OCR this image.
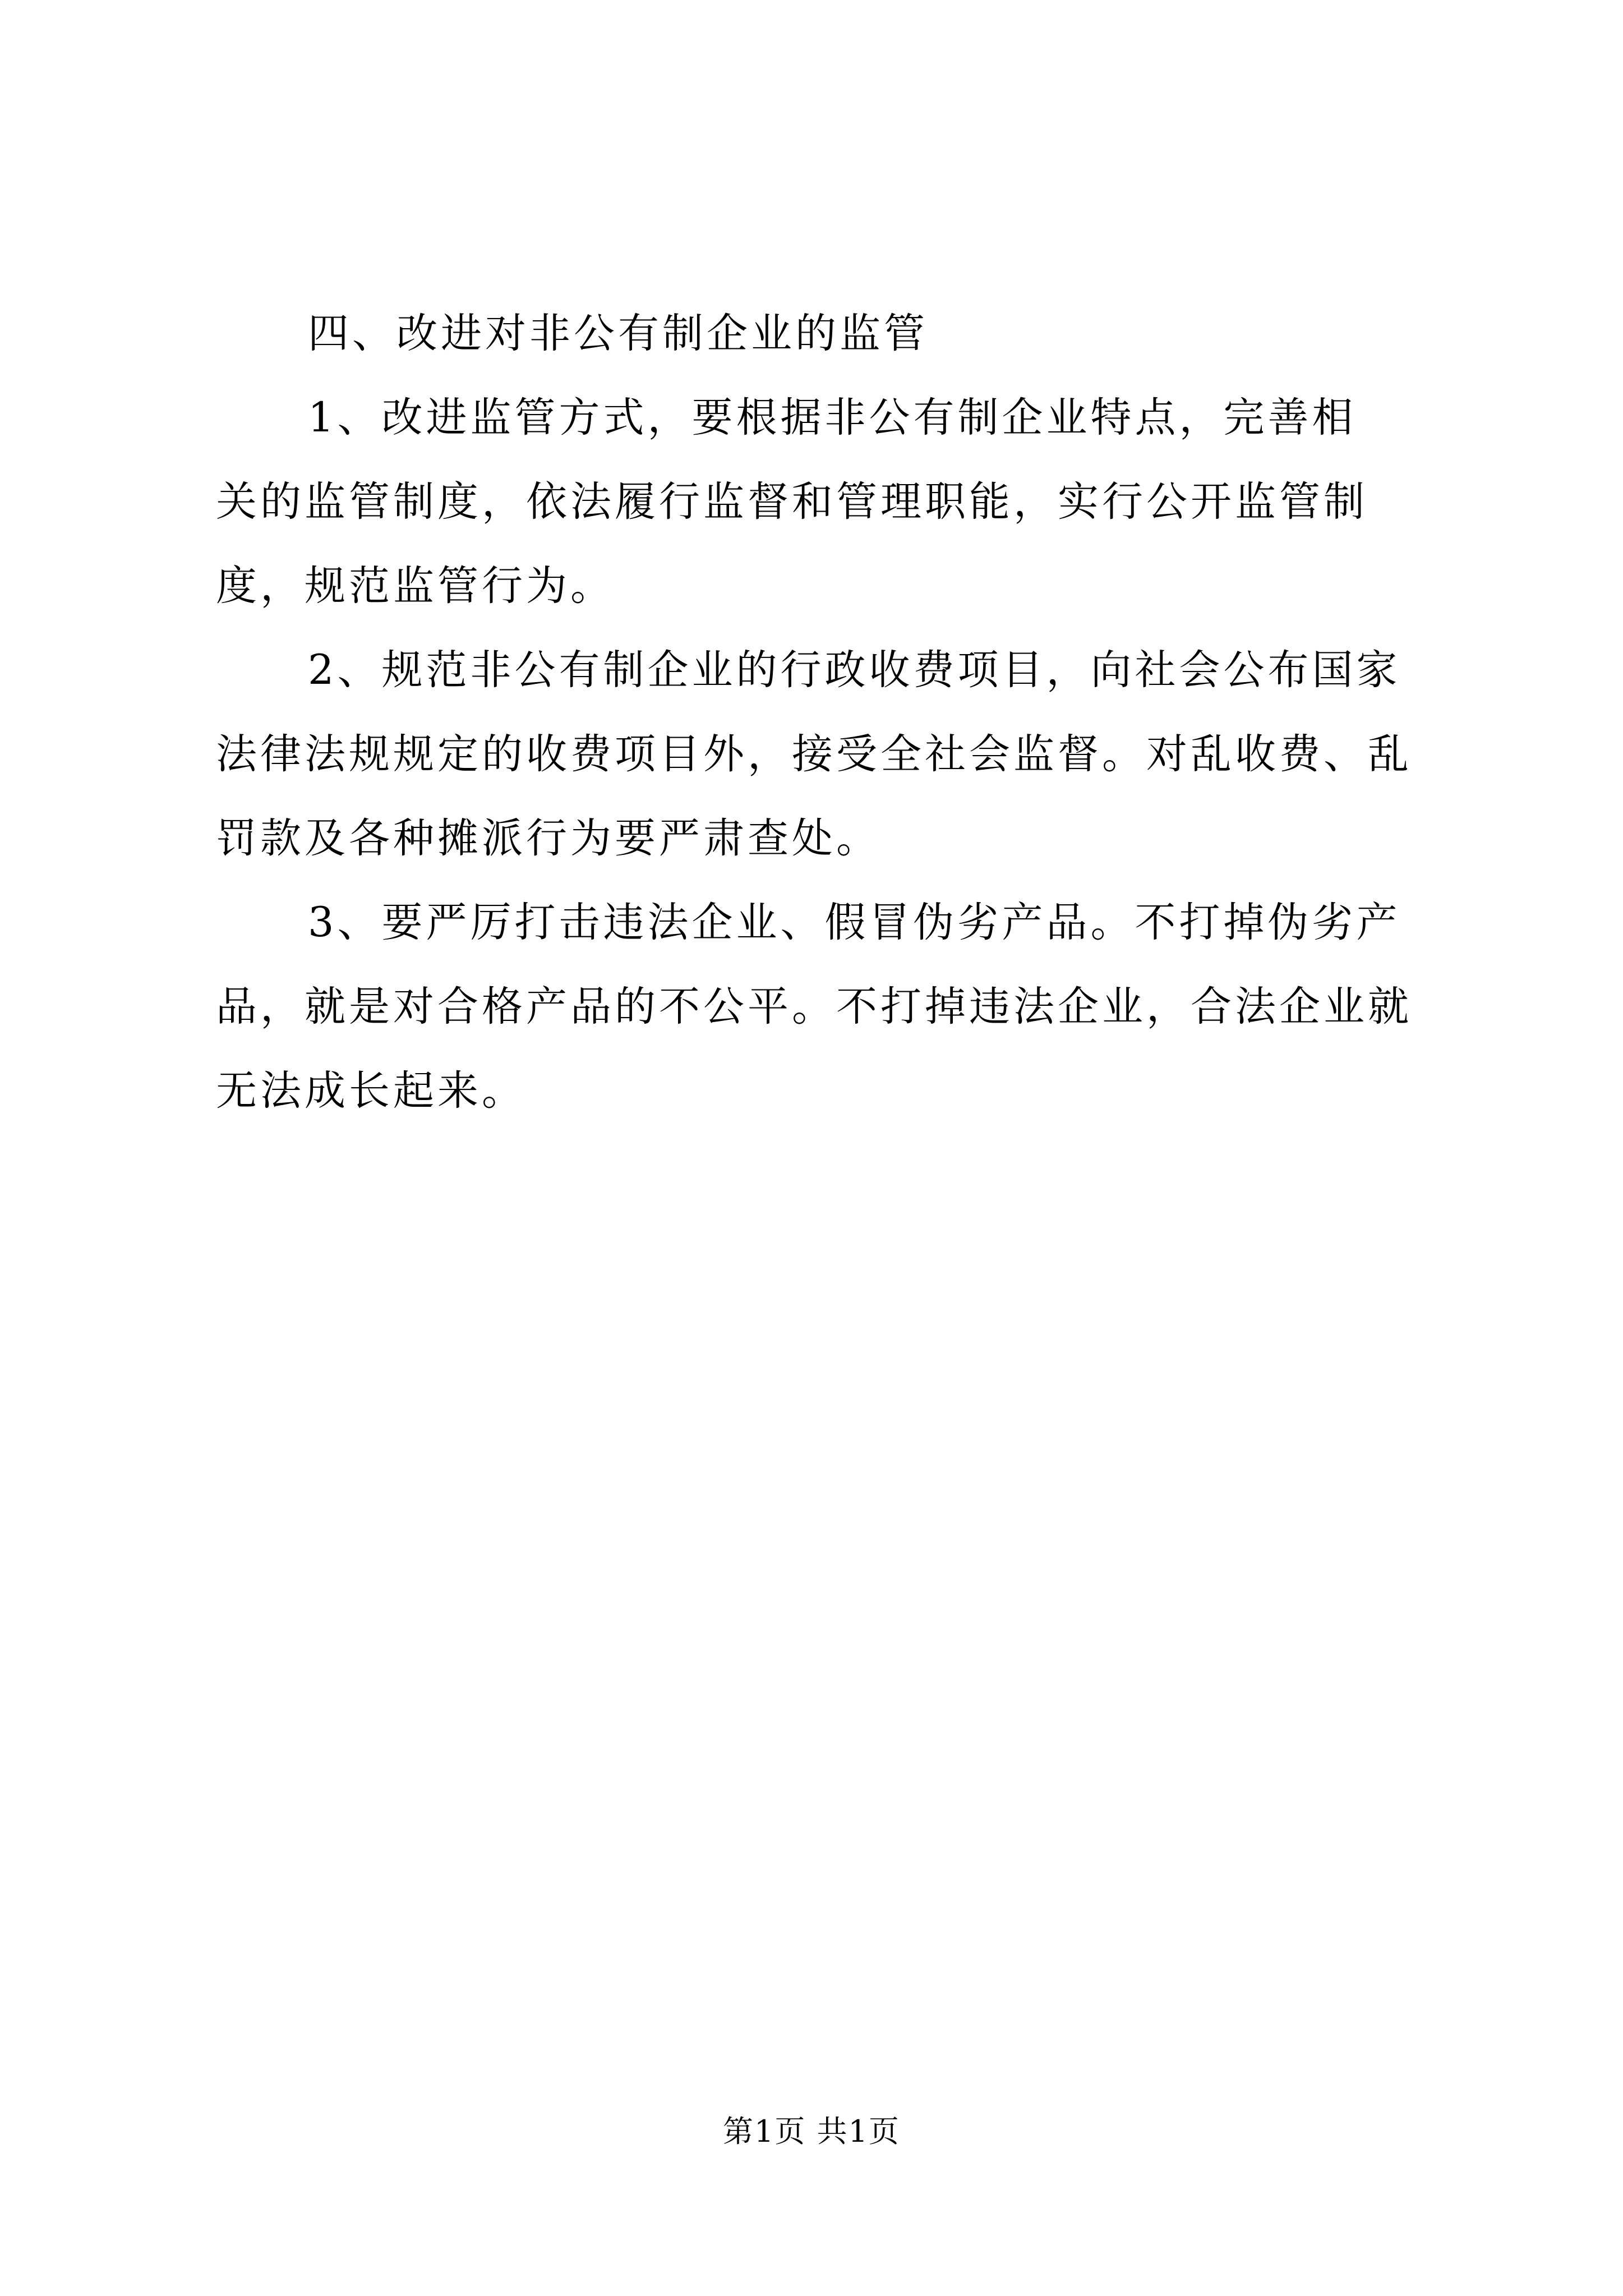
四、改进对非公有制企业的监管

1、改进监管方式，要根据非公有制企业特点，完善相
关的监管制度，依法履行监督和管理职能，实行公开监管制度，规范监管行为。

2、规范非公有制企业的行政收费项目，向社会公布国家法律法规规定的收费项目外，接受全社会监督。对乱收费、乱罚款及各种摊派行为要严肃查处。

3、要严厉打击违法企业、假冒伪劣产品。不打掉伪劣产品，就是对合格产品的不公平。不打掉违法企业，合法企业就无法成长起来。

第1页 共1页
